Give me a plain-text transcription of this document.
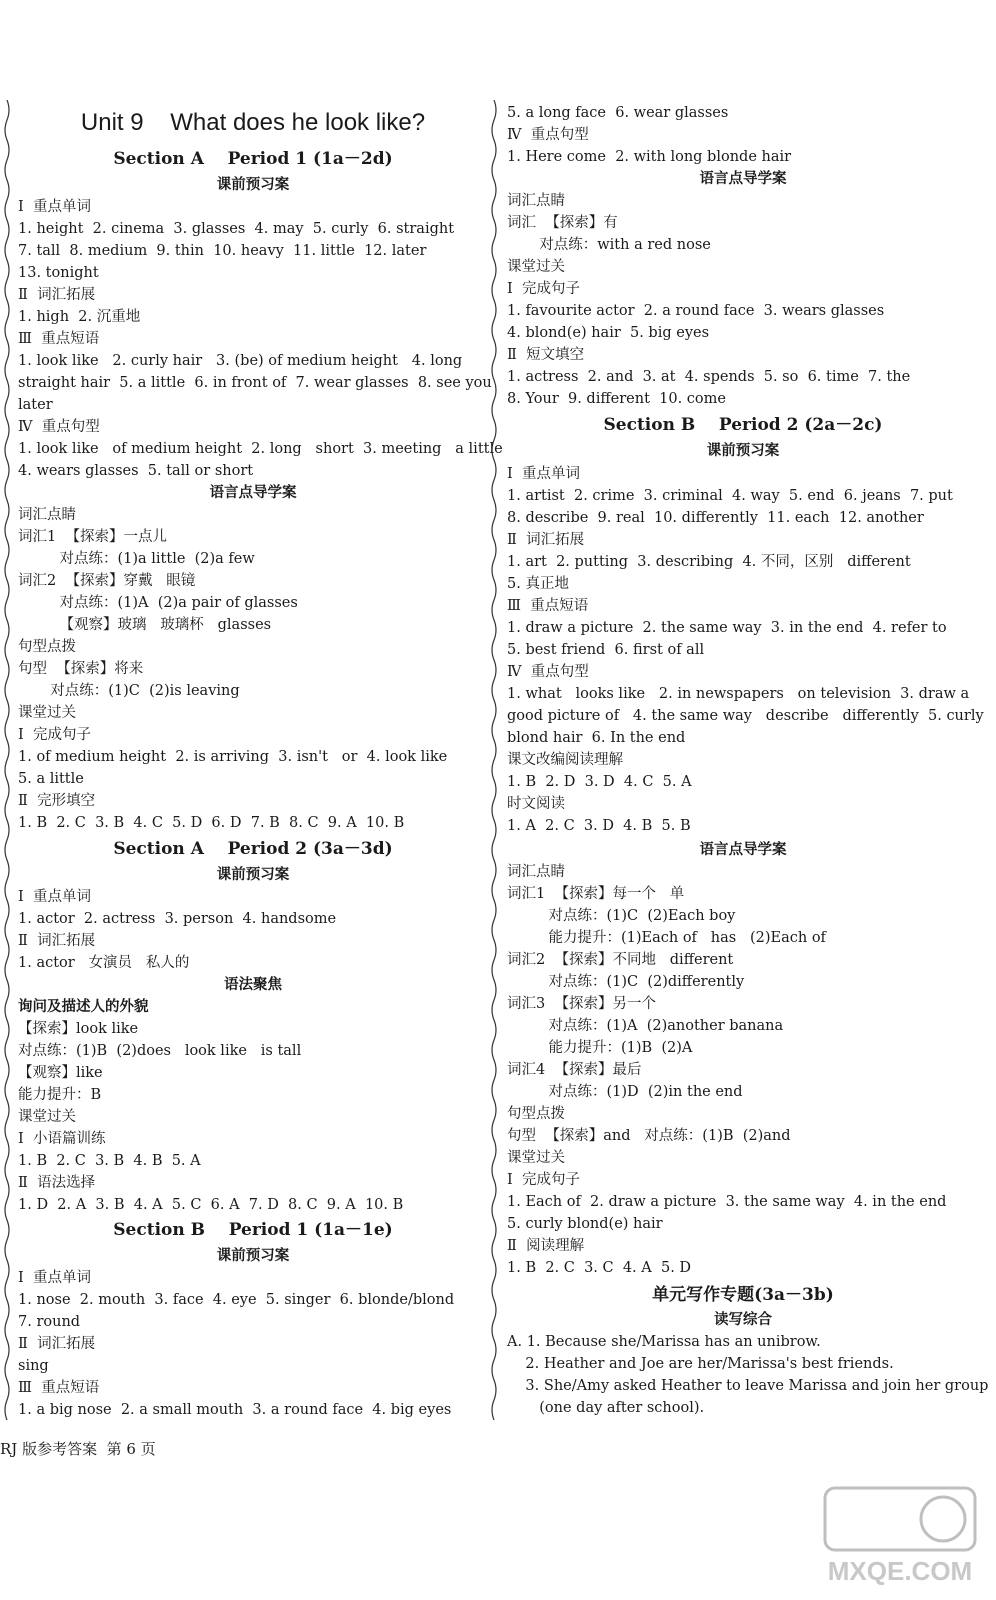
Unit 9    What does he look like?
Section A    Period 1 (1a－2d)
课前预习案
Ⅰ  重点单词
1. height  2. cinema  3. glasses  4. may  5. curly  6. straight
7. tall  8. medium  9. thin  10. heavy  11. little  12. later
13. tonight
Ⅱ  词汇拓展
1. high  2. 沉重地
Ⅲ  重点短语
1. look like   2. curly hair   3. (be) of medium height   4. long
straight hair  5. a little  6. in front of  7. wear glasses  8. see you
later
Ⅳ  重点句型
1. look like   of medium height  2. long   short  3. meeting   a little
4. wears glasses  5. tall or short
语言点导学案
词汇点睛
词汇1  【探索】一点儿
对点练：(1)a little  (2)a few
词汇2  【探索】穿戴   眼镜
对点练：(1)A  (2)a pair of glasses
【观察】玻璃   玻璃杯   glasses
句型点拨
句型  【探索】将来
对点练：(1)C  (2)is leaving
课堂过关
Ⅰ  完成句子
1. of medium height  2. is arriving  3. isn't   or  4. look like
5. a little
Ⅱ  完形填空
1. B  2. C  3. B  4. C  5. D  6. D  7. B  8. C  9. A  10. B
Section A    Period 2 (3a－3d)
课前预习案
Ⅰ  重点单词
1. actor  2. actress  3. person  4. handsome
Ⅱ  词汇拓展
1. actor   女演员   私人的
语法聚焦
询问及描述人的外貌
【探索】look like
对点练：(1)B  (2)does   look like   is tall
【观察】like
能力提升：B
课堂过关
Ⅰ  小语篇训练
1. B  2. C  3. B  4. B  5. A
Ⅱ  语法选择
1. D  2. A  3. B  4. A  5. C  6. A  7. D  8. C  9. A  10. B
Section B    Period 1 (1a－1e)
课前预习案
Ⅰ  重点单词
1. nose  2. mouth  3. face  4. eye  5. singer  6. blonde/blond
7. round
Ⅱ  词汇拓展
sing
Ⅲ  重点短语
1. a big nose  2. a small mouth  3. a round face  4. big eyes
5. a long face  6. wear glasses
Ⅳ  重点句型
1. Here come  2. with long blonde hair
语言点导学案
词汇点睛
词汇  【探索】有
对点练：with a red nose
课堂过关
Ⅰ  完成句子
1. favourite actor  2. a round face  3. wears glasses
4. blond(e) hair  5. big eyes
Ⅱ  短文填空
1. actress  2. and  3. at  4. spends  5. so  6. time  7. the
8. Your  9. different  10. come
Section B    Period 2 (2a－2c)
课前预习案
Ⅰ  重点单词
1. artist  2. crime  3. criminal  4. way  5. end  6. jeans  7. put
8. describe  9. real  10. differently  11. each  12. another
Ⅱ  词汇拓展
1. art  2. putting  3. describing  4. 不同，区别   different
5. 真正地
Ⅲ  重点短语
1. draw a picture  2. the same way  3. in the end  4. refer to
5. best friend  6. first of all
Ⅳ  重点句型
1. what   looks like   2. in newspapers   on television  3. draw a
good picture of   4. the same way   describe   differently  5. curly
blond hair  6. In the end
课文改编阅读理解
1. B  2. D  3. D  4. C  5. A
时文阅读
1. A  2. C  3. D  4. B  5. B
语言点导学案
词汇点睛
词汇1  【探索】每一个   单
对点练：(1)C  (2)Each boy
能力提升：(1)Each of   has   (2)Each of
词汇2  【探索】不同地   different
对点练：(1)C  (2)differently
词汇3  【探索】另一个
对点练：(1)A  (2)another banana
能力提升：(1)B  (2)A
词汇4  【探索】最后
对点练：(1)D  (2)in the end
句型点拨
句型  【探索】and   对点练：(1)B  (2)and
课堂过关
Ⅰ  完成句子
1. Each of  2. draw a picture  3. the same way  4. in the end
5. curly blond(e) hair
Ⅱ  阅读理解
1. B  2. C  3. C  4. A  5. D
单元写作专题(3a－3b)
读写综合
A. 1. Because she/Marissa has an unibrow.
2. Heather and Joe are her/Marissa's best friends.
3. She/Amy asked Heather to leave Marissa and join her group
(one day after school).
RJ 版参考答案  第 6 页
MXQE.COM
